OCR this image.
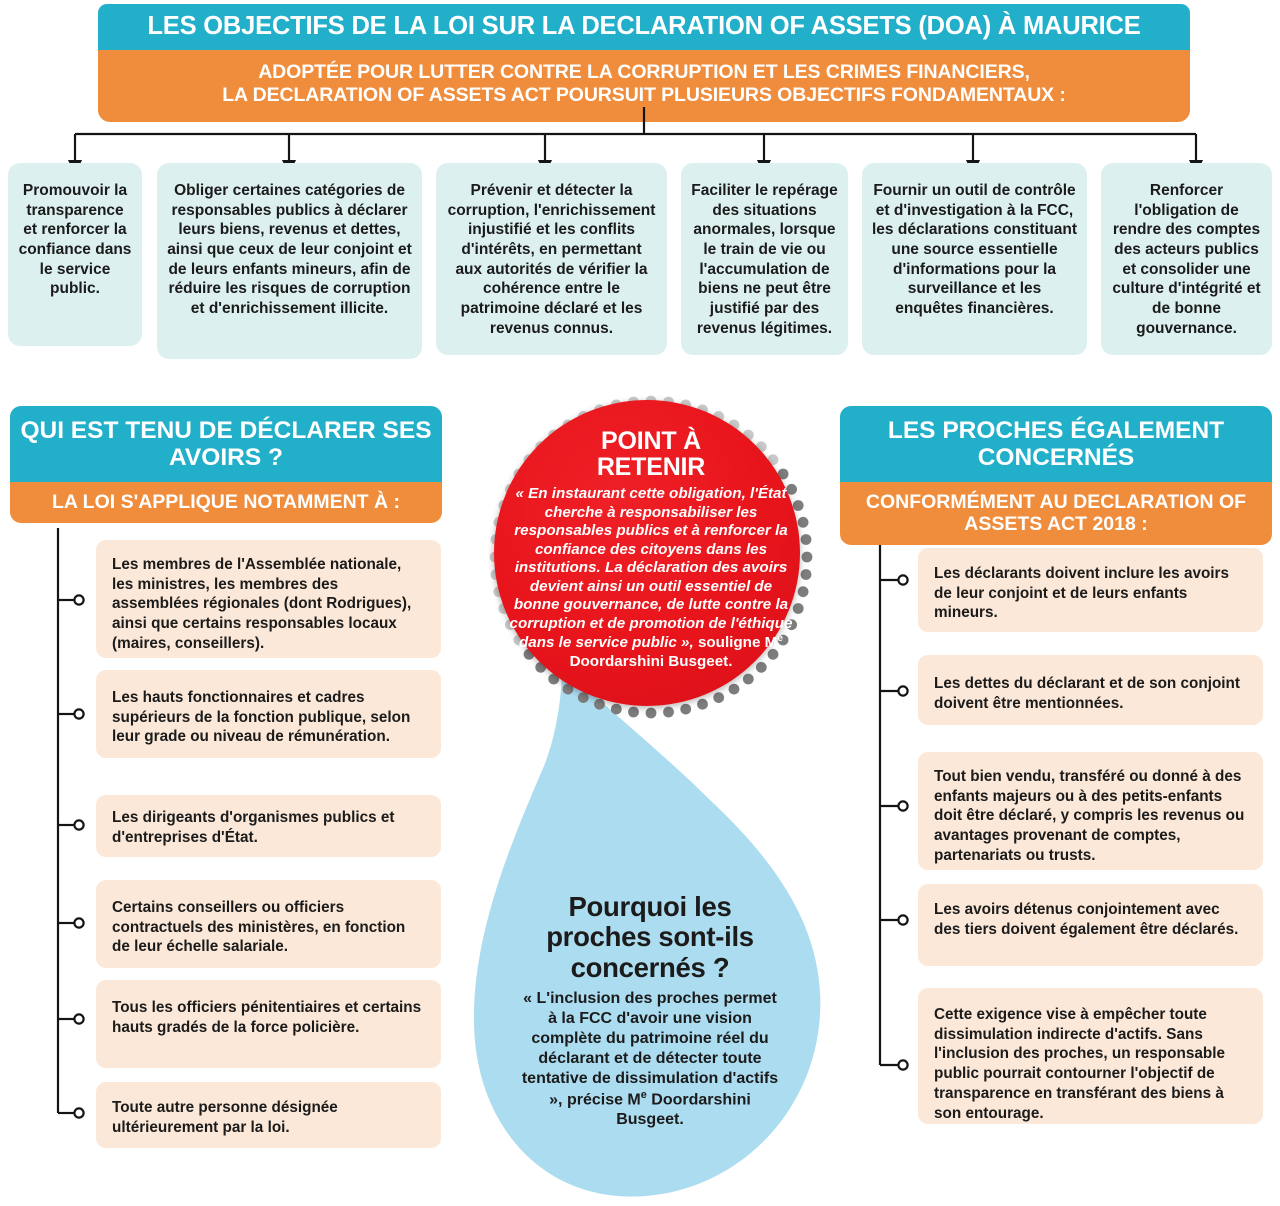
LES OBJECTIFS DE LA LOI SUR LA DECLARATION OF ASSETS (DOA) À MAURICE
ADOPTÉE POUR LUTTER CONTRE LA CORRUPTION ET LES CRIMES FINANCIERS,
LA DECLARATION OF ASSETS ACT POURSUIT PLUSIEURS OBJECTIFS FONDAMENTAUX :
Promouvoir la transparence et renforcer la confiance dans le service public.
Obliger certaines catégories de responsables publics à déclarer leurs biens, revenus et dettes, ainsi que ceux de leur conjoint et de leurs enfants mineurs, afin de réduire les risques de corruption et d'enrichissement illicite.
Prévenir et détecter la corruption, l'enrichissement injustifié et les conflits d'intérêts, en permettant aux autorités de vérifier la cohérence entre le patrimoine déclaré et les revenus connus.
Faciliter le repérage des situations anormales, lorsque le train de vie ou l'accumulation de biens ne peut être justifié par des revenus légitimes.
Fournir un outil de contrôle et d'investigation à la FCC, les déclarations constituant une source essentielle d'informations pour la surveillance et les enquêtes financières.
Renforcer l'obligation de rendre des comptes des acteurs publics et consolider une culture d'intégrité et de bonne gouvernance.
QUI EST TENU DE DÉCLARER SES AVOIRS ?
LA LOI S'APPLIQUE NOTAMMENT À :
Les membres de l'Assemblée nationale, les ministres, les membres des assemblées régionales (dont Rodrigues), ainsi que certains responsables locaux (maires, conseillers).
Les hauts fonctionnaires et cadres supérieurs de la fonction publique, selon leur grade ou niveau de rémunération.
Les dirigeants d'organismes publics et d'entreprises d'État.
Certains conseillers ou officiers contractuels des ministères, en fonction de leur échelle salariale.
Tous les officiers pénitentiaires et certains hauts gradés de la force policière.
Toute autre personne désignée ultérieurement par la loi.
LES PROCHES ÉGALEMENT CONCERNÉS
CONFORMÉMENT AU DECLARATION OF ASSETS ACT 2018 :
Les déclarants doivent inclure les avoirs de leur conjoint et de leurs enfants mineurs.
Les dettes du déclarant et de son conjoint doivent être mentionnées.
Tout bien vendu, transféré ou donné à des enfants majeurs ou à des petits-enfants doit être déclaré, y compris les revenus ou avantages provenant de comptes, partenariats ou trusts.
Les avoirs détenus conjointement avec des tiers doivent également être déclarés.
Cette exigence vise à empêcher toute dissimulation indirecte d'actifs. Sans l'inclusion des proches, un responsable public pourrait contourner l'objectif de transparence en transférant des biens à son entourage.
Pourquoi les proches sont-ils concernés ?
« L'inclusion des proches permet à la FCC d'avoir une vision complète du patrimoine réel du déclarant et de détecter toute tentative de dissimulation d'actifs », précise Me Doordarshini Busgeet.
POINT À
RETENIR
« En instaurant cette obligation, l'État cherche à responsabiliser les responsables publics et à renforcer la confiance des citoyens dans les institutions. La déclaration des avoirs devient ainsi un outil essentiel de bonne gouvernance, de lutte contre la corruption et de promotion de l'éthique dans le service public », souligne Me Doordarshini Busgeet.
